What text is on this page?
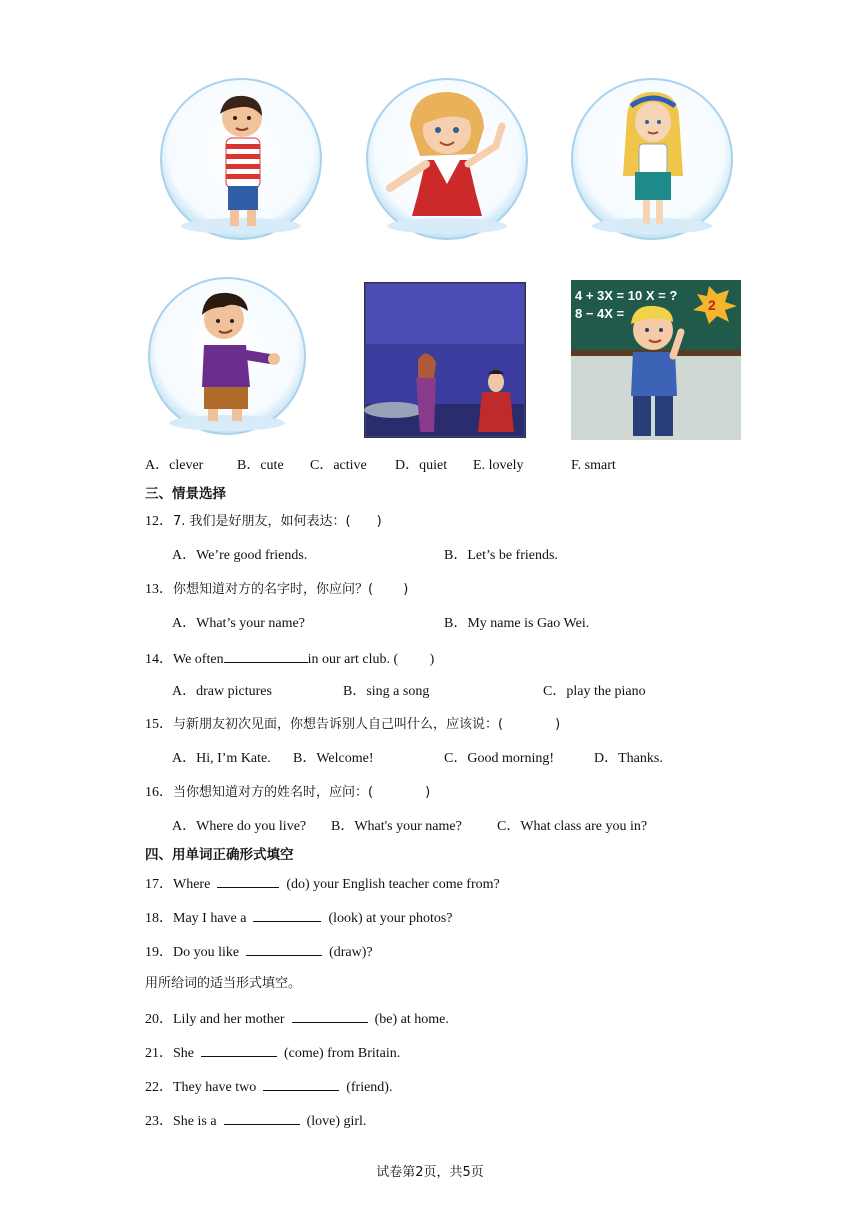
4 + 3X = 10 X = ?
8 − 4X =
2
A．clever B．cute C．active D．quiet E. lovely	F. smart
三、情景选择
12．7. 我们是好朋友，如何表达：(　　)
A．We’re good friends.	B．Let’s be friends.
13．你想知道对方的名字时，你应问？(　　 )
A．What’s your name?	B．My name is Gao Wei.
14．We often	in our art club. (　　 )
A．draw pictures	B．sing a song	C．play the piano
15．与新朋友初次见面，你想告诉别人自己叫什么，应该说：(　　　　)
A．Hi, I’m Kate. B．Welcome!	C．Good morning!	D．Thanks.
16．当你想知道对方的姓名时，应问：(　　　　)
A．Where do you live? B．What's your name?	C．What class are you in?
四、用单词正确形式填空
17．Where	(do) your English teacher come from?
18．May I have a	(look) at your photos?
19．Do you like	(draw)?
用所给词的适当形式填空。
20．Lily and her mother	(be) at home.
21．She	(come) from Britain.
22．They have two	(friend).
23．She is a	(love) girl.
试卷第2页，共5页
